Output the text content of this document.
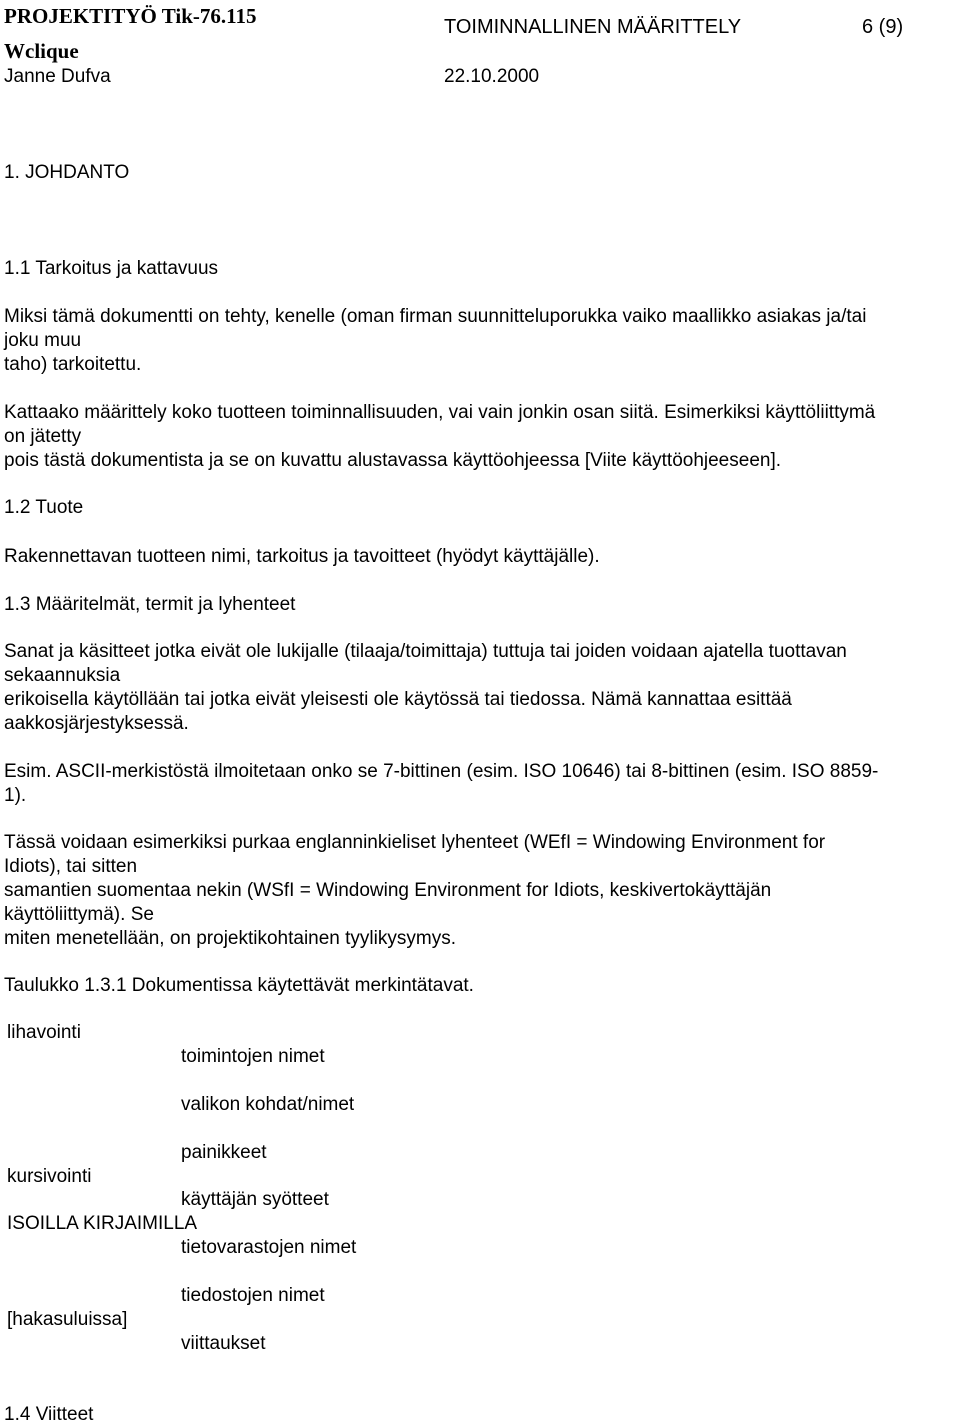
PROJEKTITYÖ Tik-76.115
Wclique
TOIMINNALLINEN MÄÄRITTELY	6 (9)
Janne Dufva	22.10.2000
1. JOHDANTO
1.1 Tarkoitus ja kattavuus
Miksi tämä dokumentti on tehty, kenelle (oman firman suunnitteluporukka vaiko maallikko asiakas ja/tai
joku muu
taho) tarkoitettu.
Kattaako määrittely koko tuotteen toiminnallisuuden, vai vain jonkin osan siitä. Esimerkiksi käyttöliittymä
on jätetty
pois tästä dokumentista ja se on kuvattu alustavassa käyttöohjeessa [Viite käyttöohjeeseen].
1.2 Tuote
Rakennettavan tuotteen nimi, tarkoitus ja tavoitteet (hyödyt käyttäjälle).
1.3 Määritelmät, termit ja lyhenteet
Sanat ja käsitteet jotka eivät ole lukijalle (tilaaja/toimittaja) tuttuja tai joiden voidaan ajatella tuottavan
sekaannuksia
erikoisella käytöllään tai jotka eivät yleisesti ole käytössä tai tiedossa. Nämä kannattaa esittää
aakkosjärjestyksessä.
Esim. ASCII-merkistöstä ilmoitetaan onko se 7-bittinen (esim. ISO 10646) tai 8-bittinen (esim. ISO 8859-
1).
Tässä voidaan esimerkiksi purkaa englanninkieliset lyhenteet (WEfI = Windowing Environment for
Idiots), tai sitten
samantien suomentaa nekin (WSfI = Windowing Environment for Idiots, keskivertokäyttäjän
käyttöliittymä). Se
miten menetellään, on projektikohtainen tyylikysymys.
Taulukko 1.3.1 Dokumentissa käytettävät merkintätavat.
lihavointi
kursivointi
ISOILLA KIRJAIMILLA
[hakasuluissa]
toimintojen nimet
valikon kohdat/nimet
painikkeet
käyttäjän syötteet
tietovarastojen nimet
tiedostojen nimet
viittaukset
1.4 Viitteet
